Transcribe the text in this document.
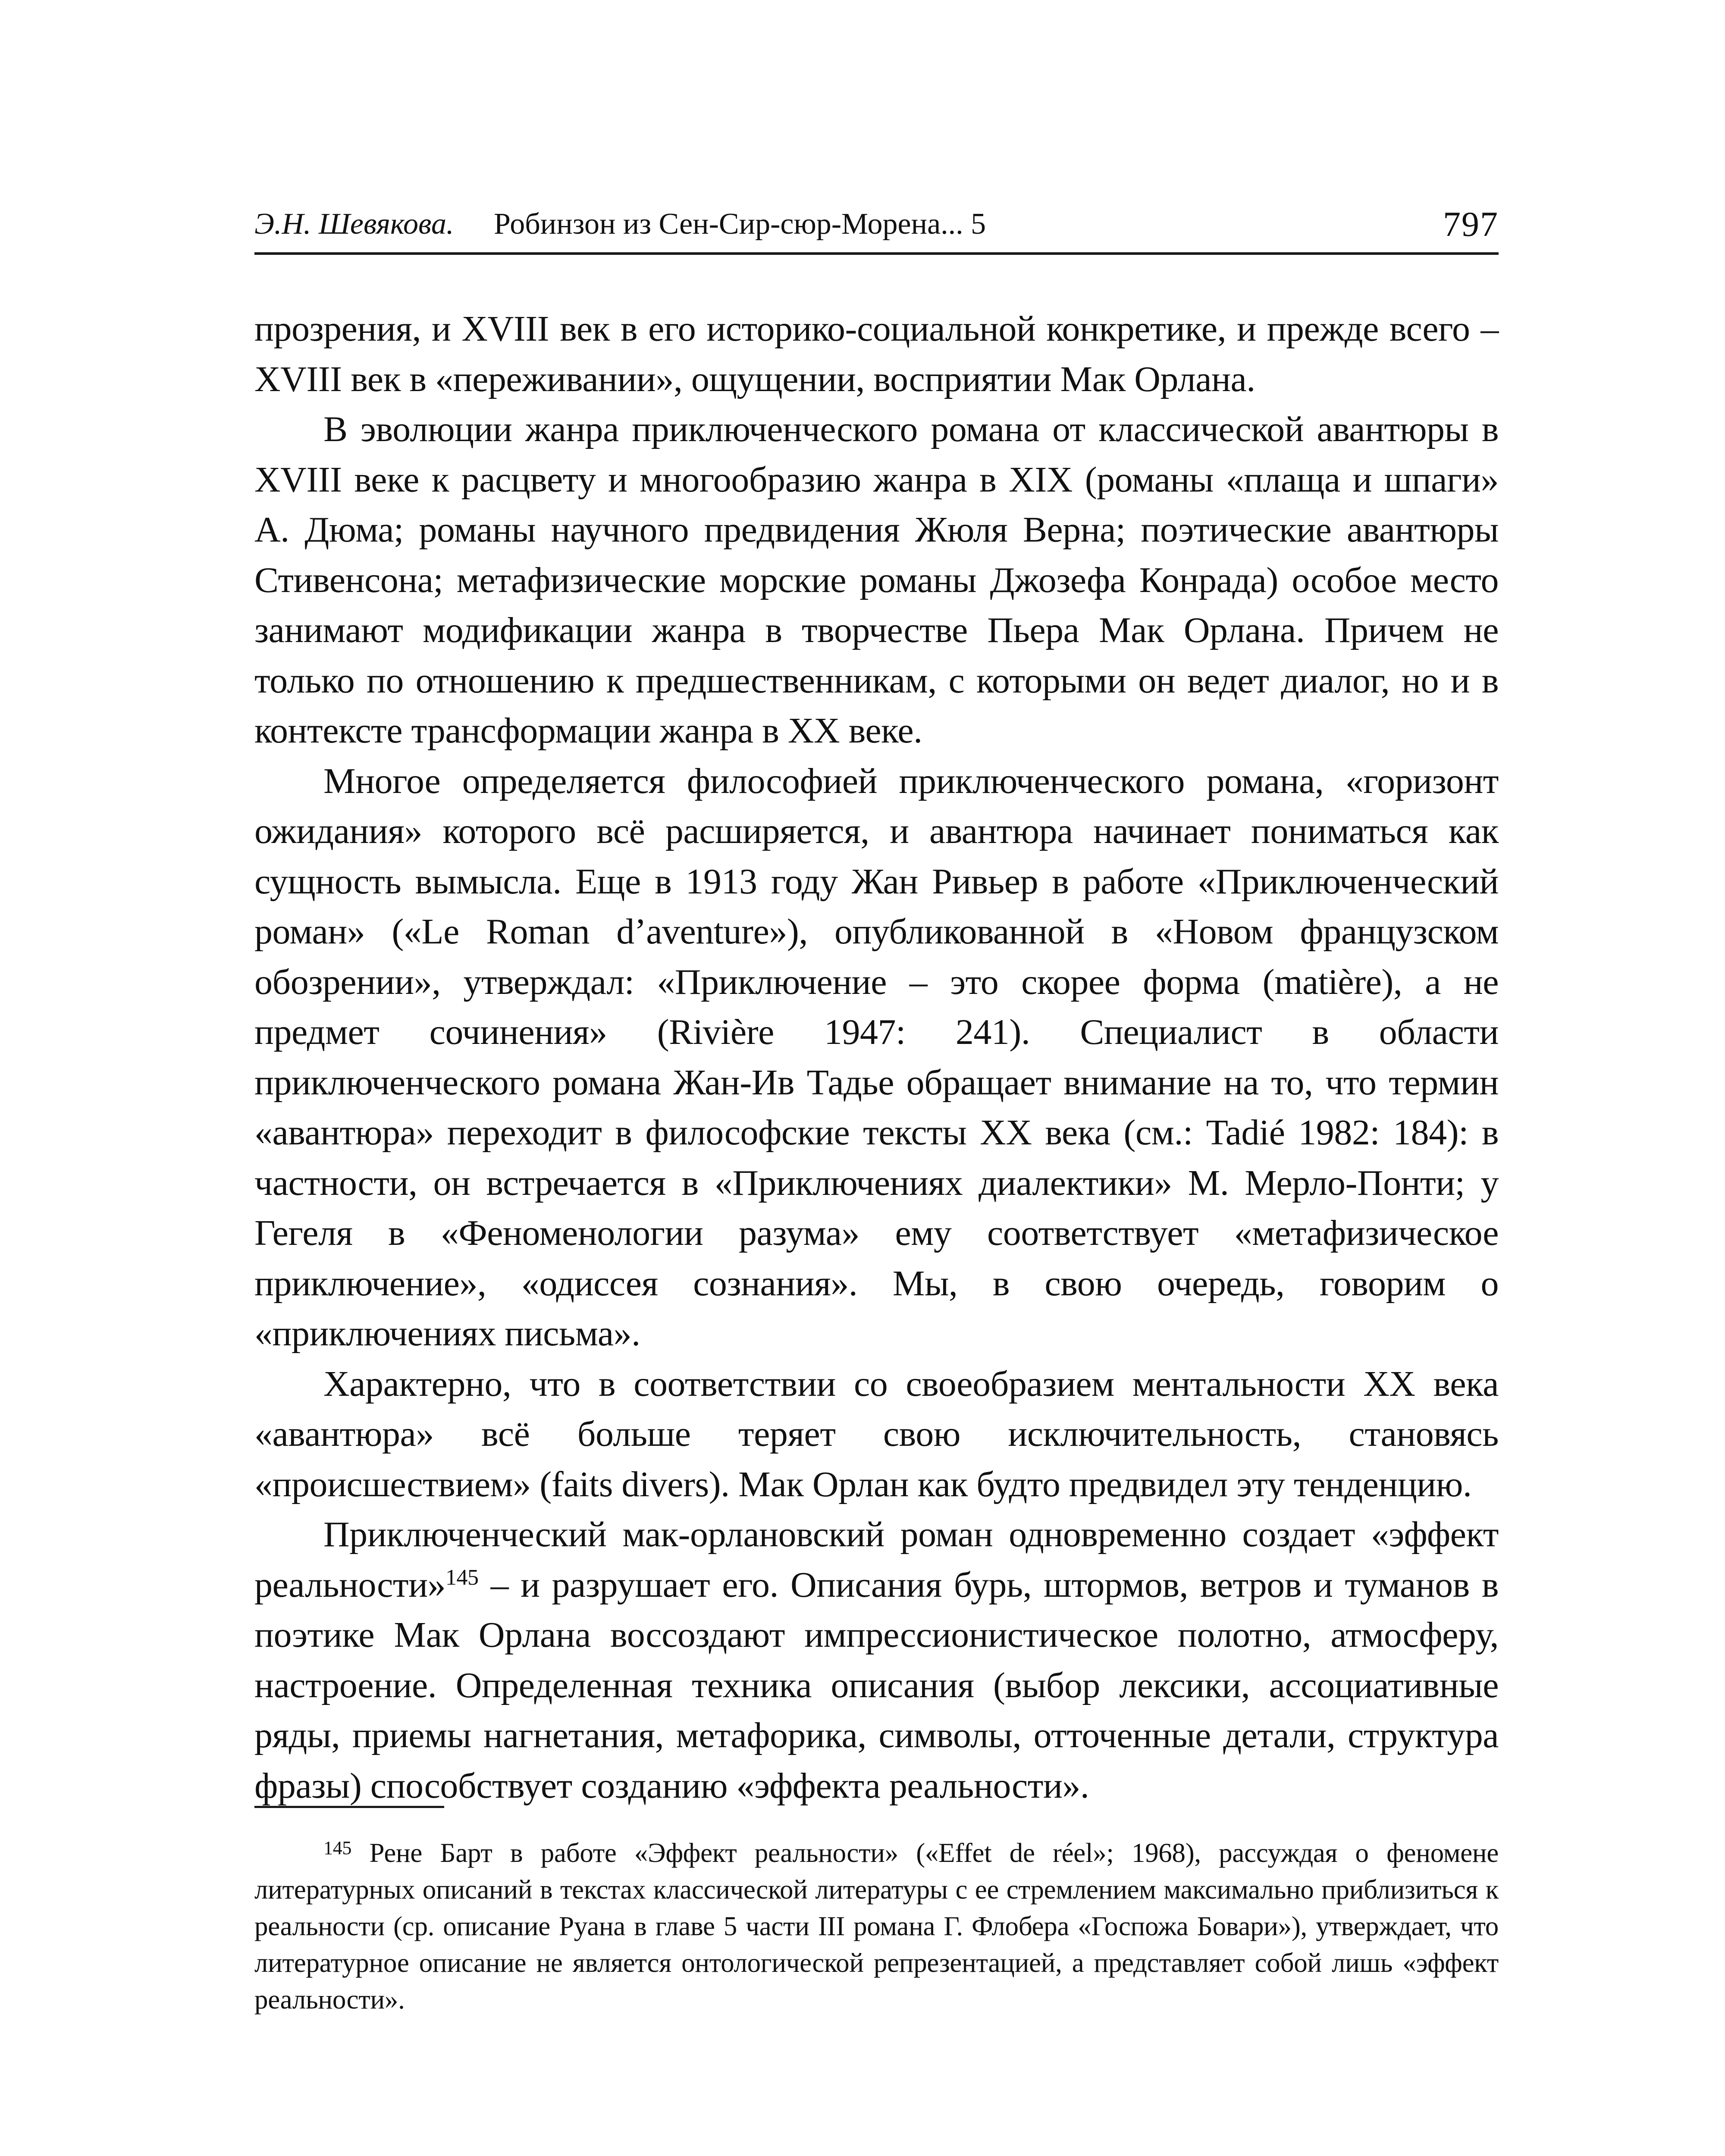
Э.Н. Шевякова. Робинзон из Сен-Сир-сюр-Морена... 5	797

прозрения, и XVIII век в его историко-социальной конкретике, и прежде всего – XVIII век в «переживании», ощущении, восприятии Мак Орлана.

В эволюции жанра приключенческого романа от классической авантюры в XVIII веке к расцвету и многообразию жанра в XIX (романы «плаща и шпаги» А. Дюма; романы научного предвидения Жюля Верна; поэтические авантюры Стивенсона; метафизические морские романы Джозефа Конрада) особое место занимают модификации жанра в творчестве Пьера Мак Орлана. Причем не только по отношению к предшественникам, с которыми он ведет диалог, но и в контексте трансформации жанра в XX веке.

Многое определяется философией приключенческого романа, «горизонт ожидания» которого всё расширяется, и авантюра начинает пониматься как сущность вымысла. Еще в 1913 году Жан Ривьер в работе «Приключенческий роман» («Le Roman d’aventure»), опубликованной в «Новом французском обозрении», утверждал: «Приключение – это скорее форма (matière), а не предмет сочинения» (Rivière 1947: 241). Специалист в области приключенческого романа Жан-Ив Тадье обращает внимание на то, что термин «авантюра» переходит в философские тексты XX века (см.: Tadié 1982: 184): в частности, он встречается в «Приключениях диалектики» М. Мерло-Понти; у Гегеля в «Феноменологии разума» ему соответствует «метафизическое приключение», «одиссея сознания». Мы, в свою очередь, говорим о «приключениях письма».

Характерно, что в соответствии со своеобразием ментальности XX века «авантюра» всё больше теряет свою исключительность, становясь «происшествием» (faits divers). Мак Орлан как будто предвидел эту тенденцию.

Приключенческий мак-орлановский роман одновременно создает «эффект реальности»$^{145}$ – и разрушает его. Описания бурь, штормов, ветров и туманов в поэтике Мак Орлана воссоздают импрессионистическое полотно, атмосферу, настроение. Определенная техника описания (выбор лексики, ассоциативные ряды, приемы нагнетания, метафорика, символы, отточенные детали, структура фразы) способствует созданию «эффекта реальности».

$^{145}$ Рене Барт в работе «Эффект реальности» («Effet de réel»; 1968), рассуждая о феномене литературных описаний в текстах классической литературы с ее стремлением максимально приблизиться к реальности (ср. описание Руана в главе 5 части III романа Г. Флобера «Госпожа Бовари»), утверждает, что литературное описание не является онтологической репрезентацией, а представляет собой лишь «эффект реальности».
